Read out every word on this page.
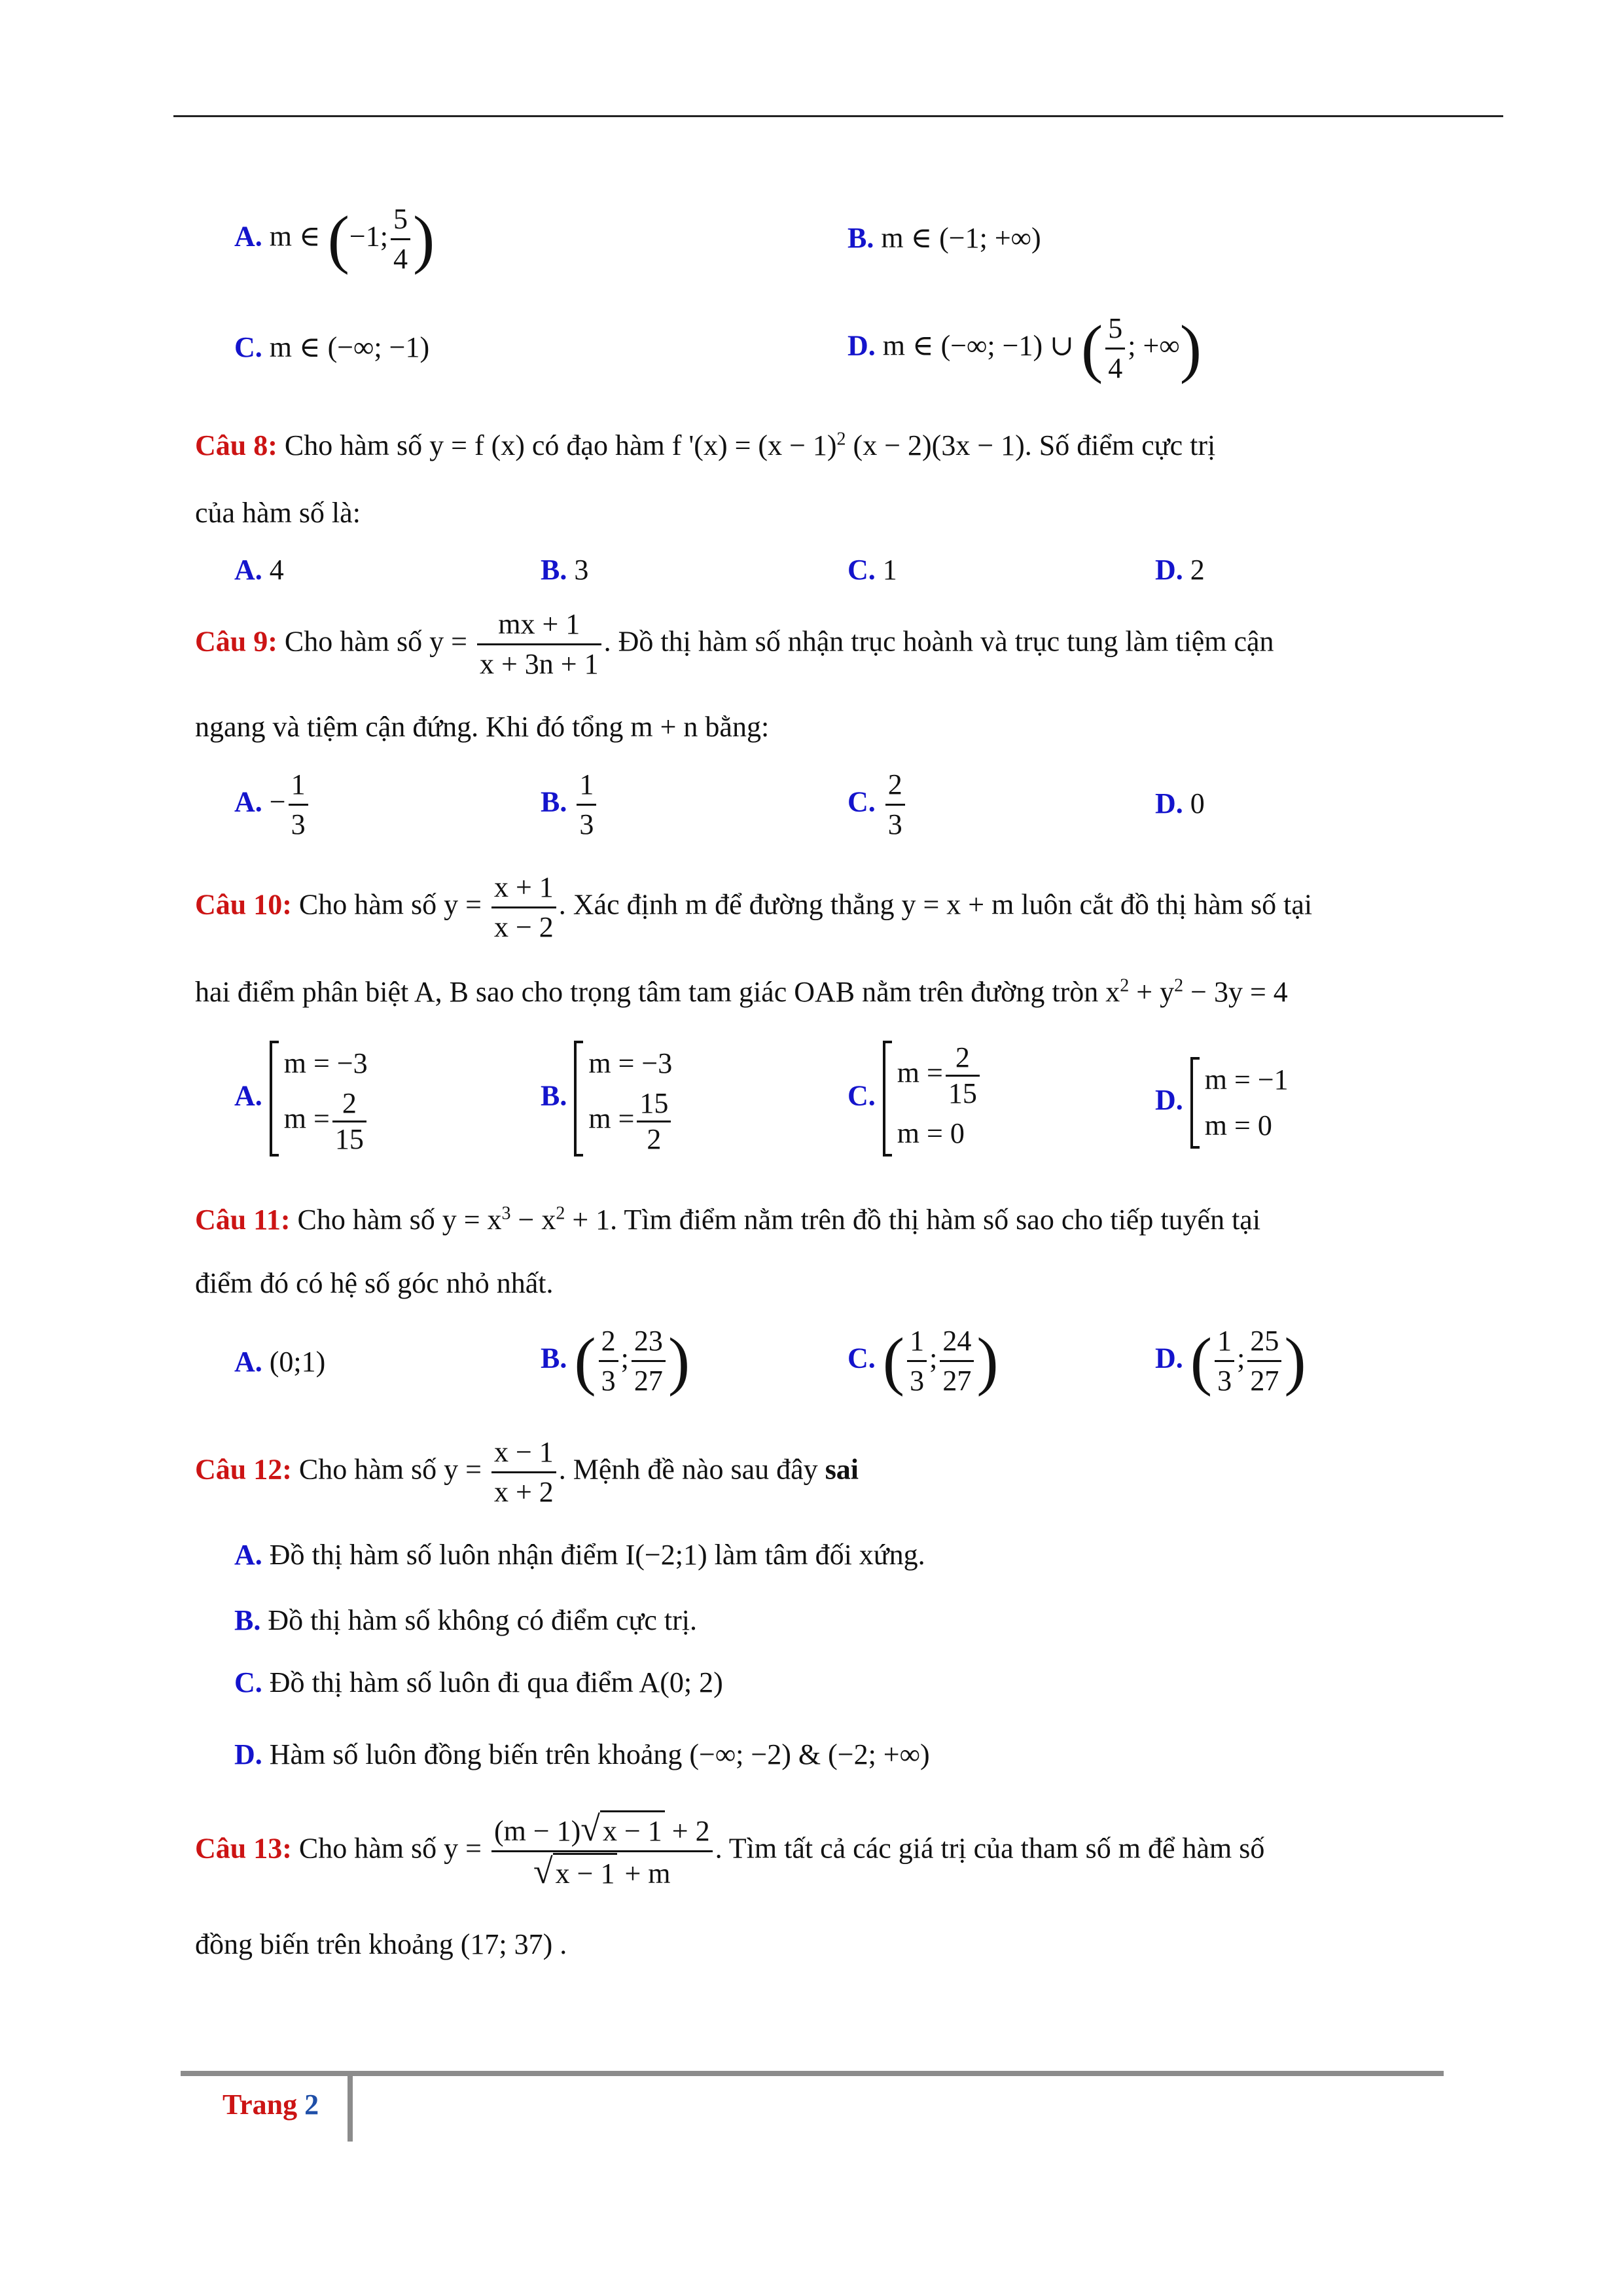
A. m ∈ (−1; $\frac{5}{4}$ )	B. m ∈ (−1; +∞)
C. m ∈ (−∞; −1)	D. m ∈ (−∞; −1) ∪ ( $\frac{5}{4}$ ; +∞)
Câu 8: Cho hàm số y = f (x) có đạo hàm f '$(x) = (x - 1)^2$ (x − 2)(3x − 1). Số điểm cực trị
của hàm số là:
A. 4	B. 3	C. 1	D. 2
Câu 9: Cho hàm số $y = \frac{mx + 1}{x + 3n + 1}$ . Đồ thị hàm số nhận trục hoành và trục tung làm tiệm cận
ngang và tiệm cận đứng. Khi đó tổng m + n bằng:
A. − $\frac{1}{3}$	B. $\frac{1}{3}$	C. $\frac{2}{3}$	D. 0
Câu 10: Cho hàm số $y = \frac{x + 1}{x - 2}$ . Xác định m để đường thẳng y = x + m luôn cắt đồ thị hàm số tại
hai điểm phân biệt A, B sao cho trọng tâm tam giác OAB nằm trên đường tròn $x^2 + y^2 - 3y = 4$
A.
m = −3
$m = \frac{2}{15}$	B.
m = −3
$m = \frac{15}{2}$	C.
$m = \frac{2}{15}$
m = 0
D.
m = −1
m = 0
Câu 11: Cho hàm số $y = x^3 - x^2 + 1$. Tìm điểm nằm trên đồ thị hàm số sao cho tiếp tuyến tại
điểm đó có hệ số góc nhỏ nhất.
A. (0;1)	B. ( $\frac{2}{3}$ ; $\frac{23}{27}$ )	C. ( $\frac{1}{3}$ ; $\frac{24}{27}$ )	D. ( $\frac{1}{3}$ ; $\frac{25}{27}$ )
Câu 12: Cho hàm số $y = \frac{x - 1}{x + 2}$ . Mệnh đề nào sau đây sai
A. Đồ thị hàm số luôn nhận điểm I(−2;1) làm tâm đối xứng.
B. Đồ thị hàm số không có điểm cực trị.
C. Đồ thị hàm số luôn đi qua điểm A(0; 2)
D. Hàm số luôn đồng biến trên khoảng (−∞; −2) & (−2; +∞)
Câu 13: Cho hàm số $y = \frac{(m - 1)√x - 1 + 2}{√x - 1 + m}$ . Tìm tất cả các giá trị của tham số m để hàm số
đồng biến trên khoảng (17; 37) .
Trang 2
